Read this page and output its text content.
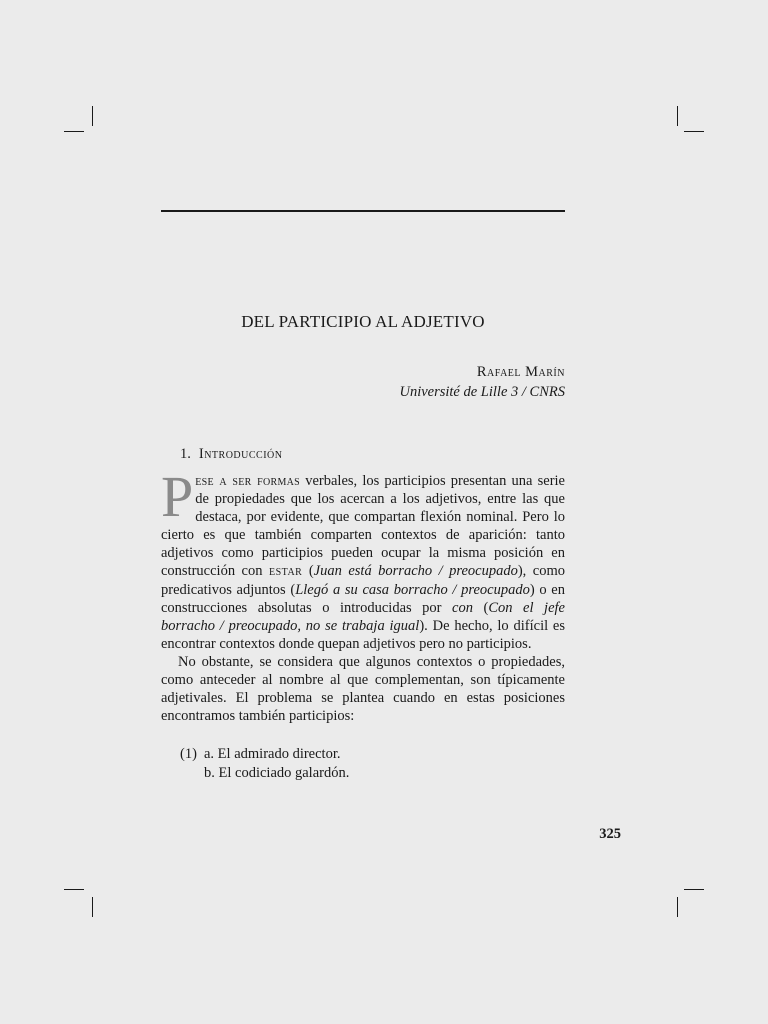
DEL PARTICIPIO AL ADJETIVO
Rafael Marín
Université de Lille 3 / CNRS
1. Introducción

Pese a ser formas verbales, los participios presentan una serie de propiedades que los acercan a los adjetivos, entre las que destaca, por evidente, que compartan flexión nominal. Pero lo cierto es que también comparten contextos de aparición: tanto adjetivos como participios pueden ocupar la misma posición en construcción con estar (Juan está borracho / preocupado), como predicativos adjuntos (Llegó a su casa borracho / preocupado) o en construcciones absolutas o introducidas por con (Con el jefe borracho / preocupado, no se trabaja igual). De hecho, lo difícil es encontrar contextos donde quepan adjetivos pero no participios.

No obstante, se considera que algunos contextos o propiedades, como anteceder al nombre al que complementan, son típicamente adjetivales. El problema se plantea cuando en estas posiciones encontramos también participios:

(1) a. El admirado director.
b. El codiciado galardón.
325
